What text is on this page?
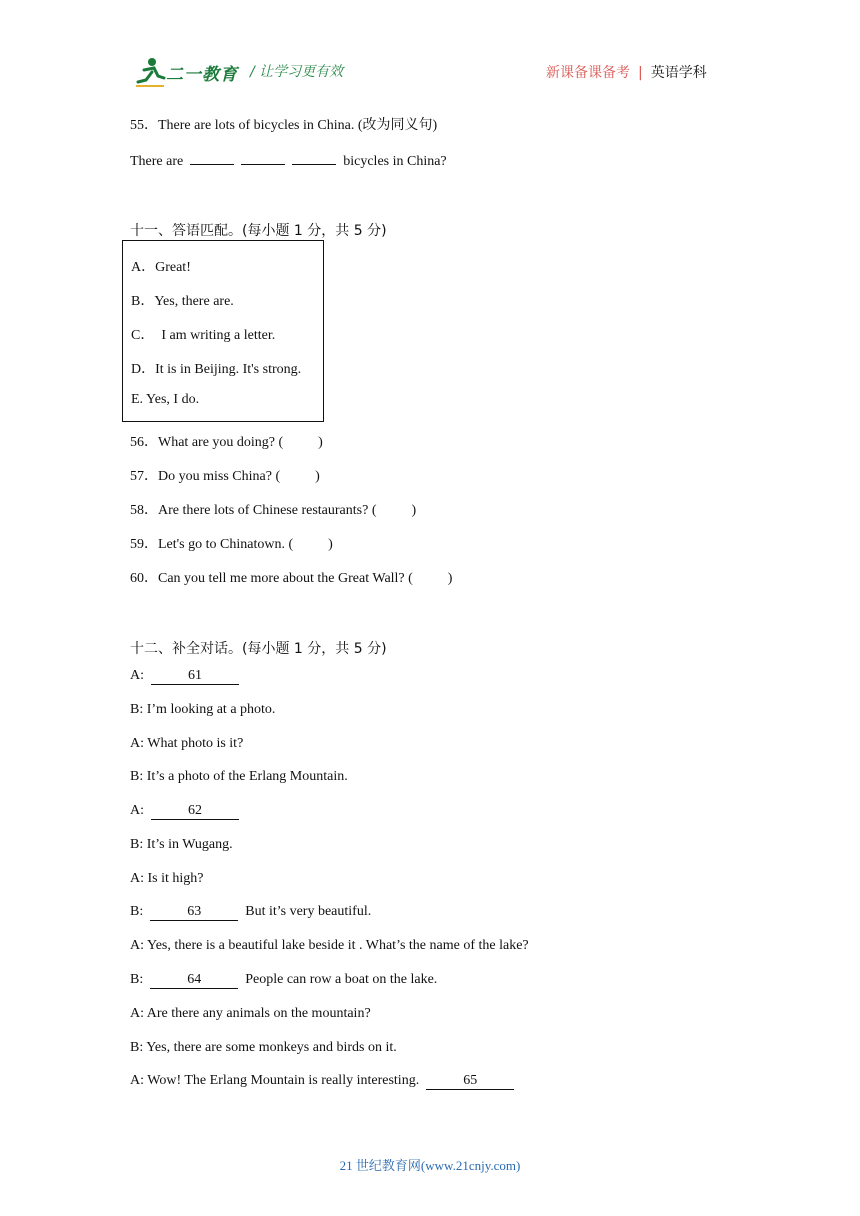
二一教育 / 让学习更有效	新课备课备考 | 英语学科
55．There are lots of bicycles in China. (改为同义句)
There are	bicycles in China?
十一、答语匹配。(每小题 1 分，共 5 分)
A．Great!
B．Yes, there are.
C．  I am writing a letter.
D．It is in Beijing. It's strong.
E. Yes, I do.
56．What are you doing? (          )
57．Do you miss China? (          )
58．Are there lots of Chinese restaurants? (          )
59．Let's go to Chinatown. (          )
60．Can you tell me more about the Great Wall? (          )
十二、补全对话。(每小题 1 分，共 5 分)
A:	61
B: I’m looking at a photo.
A: What photo is it?
B: It’s a photo of the Erlang Mountain.
A:	62
B: It’s in Wugang.
A: Is it high?
B:	63	But it’s very beautiful.
A: Yes, there is a beautiful lake beside it . What’s the name of the lake?
B:	64	People can row a boat on the lake.
A: Are there any animals on the mountain?
B: Yes, there are some monkeys and birds on it.
A: Wow! The Erlang Mountain is really interesting.	65
21 世纪教育网(www.21cnjy.com)
